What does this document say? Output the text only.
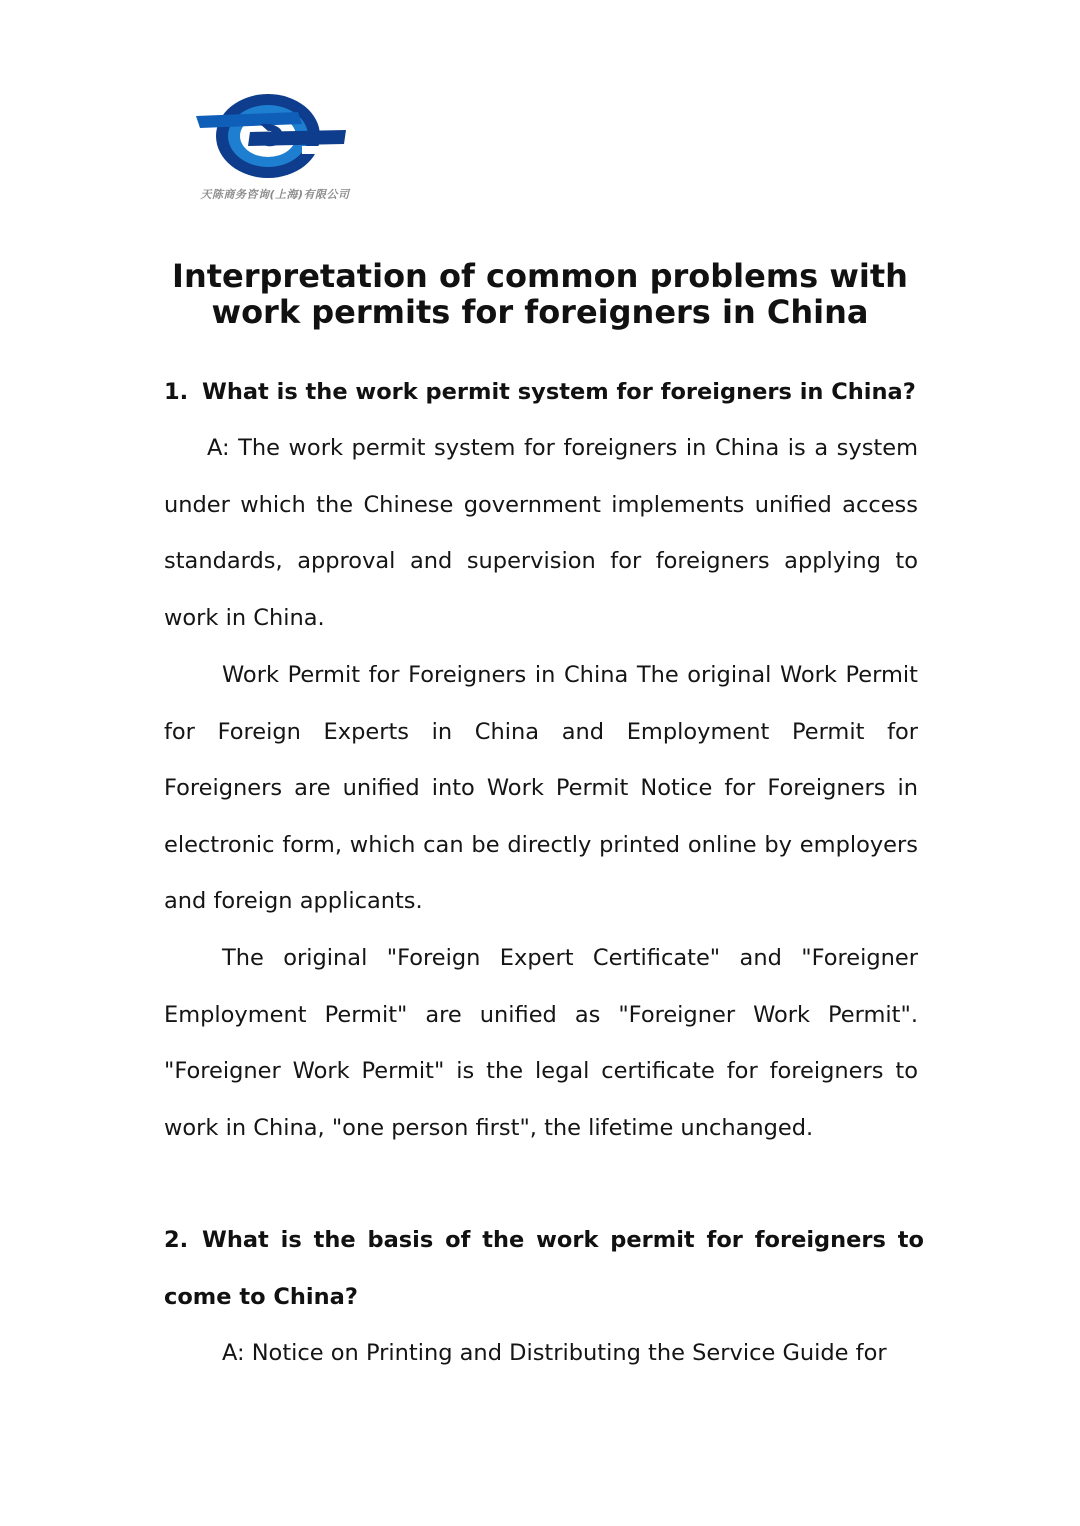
天陈商务咨询(上海)有限公司
Interpretation of common problems with
work permits for foreigners in China
1. What is the work permit system for foreigners in China?

A: The work permit system for foreigners in China is a system under which the Chinese government implements unified access standards, approval and supervision for foreigners applying to work in China.

Work Permit for Foreigners in China The original Work Permit for Foreign Experts in China and Employment Permit for Foreigners are unified into Work Permit Notice for Foreigners in electronic form, which can be directly printed online by employers and foreign applicants.

The original "Foreign Expert Certificate" and "Foreigner Employment Permit" are unified as "Foreigner Work Permit". "Foreigner Work Permit" is the legal certificate for foreigners to work in China, "one person first", the lifetime unchanged.

2. What is the basis of the work permit for foreigners to come to China?

A: Notice on Printing and Distributing the Service Guide for
